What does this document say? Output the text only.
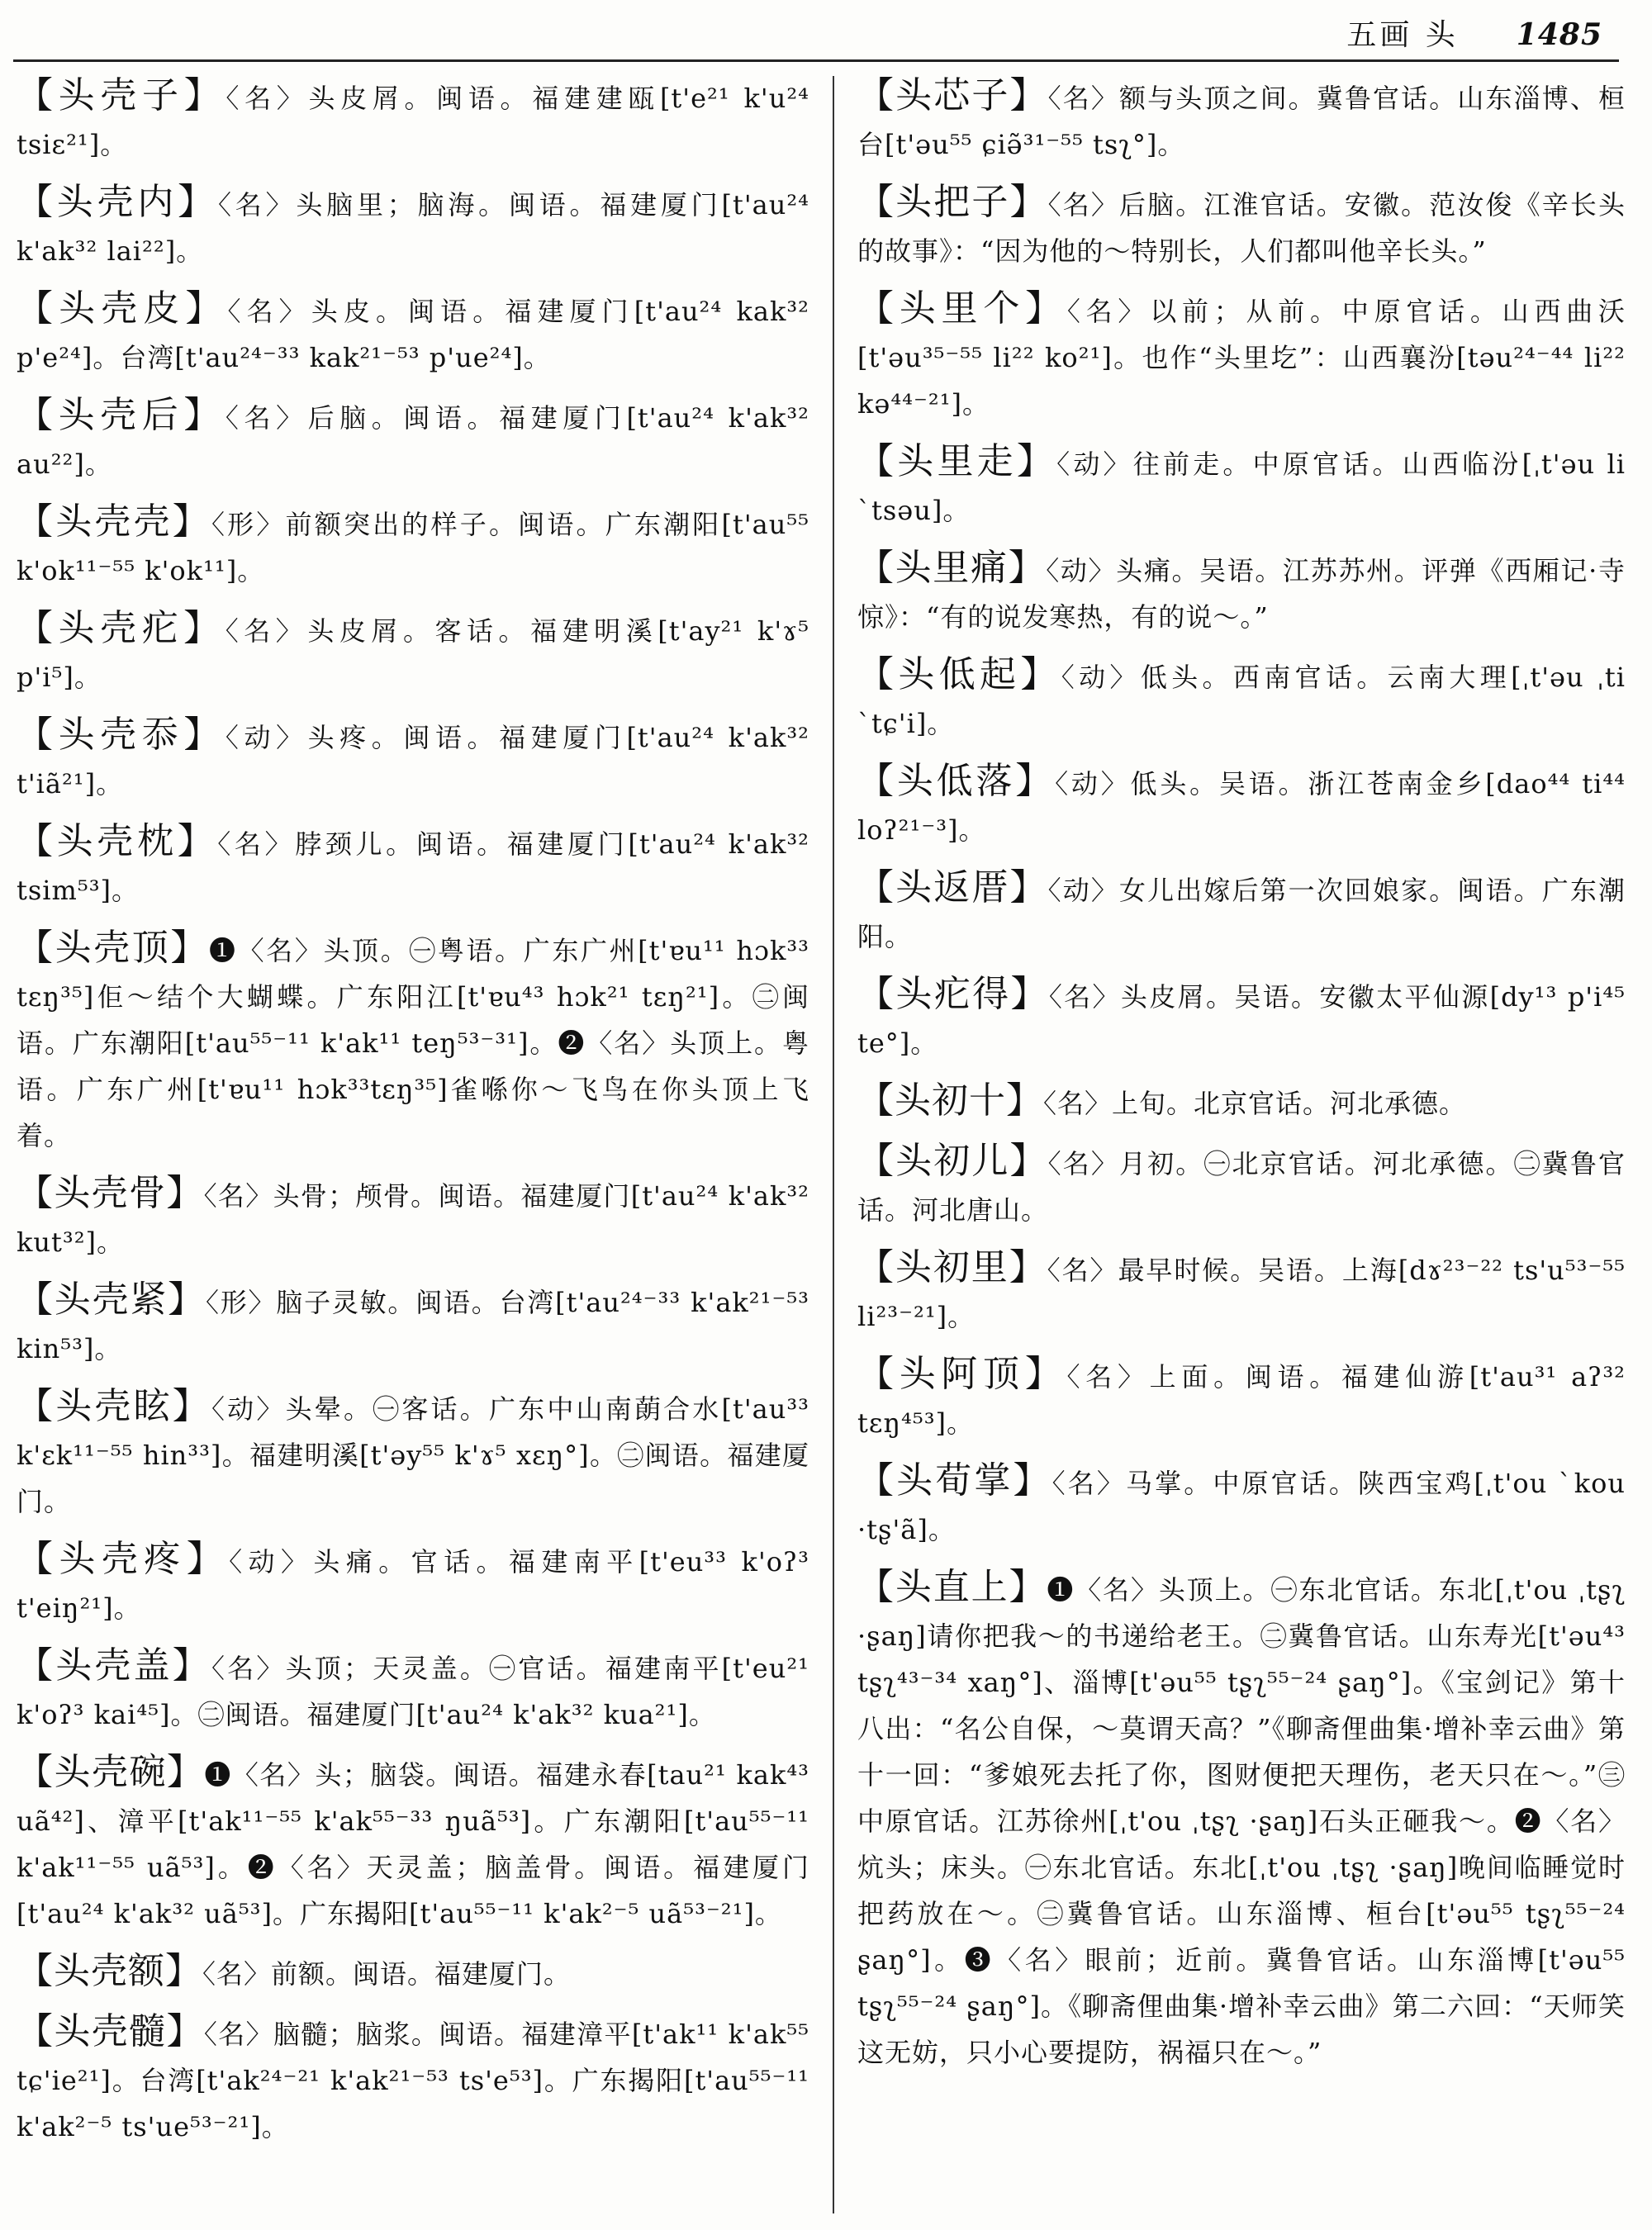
五画 头 1485
【头壳子】〈名〉头皮屑。闽语。福建建瓯[t'e²¹ k'u²⁴ tsiε²¹]。
【头壳内】〈名〉头脑里；脑海。闽语。福建厦门[t'au²⁴ k'ak³² lai²²]。
【头壳皮】〈名〉头皮。闽语。福建厦门[t'au²⁴ kak³² p'e²⁴]。台湾[t'au²⁴⁻³³ kak²¹⁻⁵³ p'ue²⁴]。
【头壳后】〈名〉后脑。闽语。福建厦门[t'au²⁴ k'ak³² au²²]。
【头壳壳】〈形〉前额突出的样子。闽语。广东潮阳[t'au⁵⁵ k'ok¹¹⁻⁵⁵ k'ok¹¹]。
【头壳疕】〈名〉头皮屑。客话。福建明溪[t'ay²¹ k'ɤ⁵ p'i⁵]。
【头壳忝】〈动〉头疼。闽语。福建厦门[t'au²⁴ k'ak³² t'iã²¹]。
【头壳枕】〈名〉脖颈儿。闽语。福建厦门[t'au²⁴ k'ak³² tsim⁵³]。
【头壳顶】❶〈名〉头顶。㊀粤语。广东广州[t'ɐu¹¹ hɔk³³ tɛŋ³⁵]佢～结个大蝴蝶。广东阳江[t'ɐu⁴³ hɔk²¹ tɛŋ²¹]。㊁闽语。广东潮阳[t'au⁵⁵⁻¹¹ k'ak¹¹ teŋ⁵³⁻³¹]。❷〈名〉头顶上。粤语。广东广州[t'ɐu¹¹ hɔk³³tɛŋ³⁵]雀喺你～飞鸟在你头顶上飞着。
【头壳骨】〈名〉头骨；颅骨。闽语。福建厦门[t'au²⁴ k'ak³² kut³²]。
【头壳紧】〈形〉脑子灵敏。闽语。台湾[t'au²⁴⁻³³ k'ak²¹⁻⁵³ kin⁵³]。
【头壳眩】〈动〉头晕。㊀客话。广东中山南蓢合水[t'au³³ k'ɛk¹¹⁻⁵⁵ hin³³]。福建明溪[t'əy⁵⁵ k'ɤ⁵ xɛŋ°]。㊁闽语。福建厦门。
【头壳疼】〈动〉头痛。官话。福建南平[t'eu³³ k'oʔ³ t'eiŋ²¹]。
【头壳盖】〈名〉头顶；天灵盖。㊀官话。福建南平[t'eu²¹ k'oʔ³ kai⁴⁵]。㊁闽语。福建厦门[t'au²⁴ k'ak³² kua²¹]。
【头壳碗】❶〈名〉头；脑袋。闽语。福建永春[tau²¹ kak⁴³ uã⁴²]、漳平[t'ak¹¹⁻⁵⁵ k'ak⁵⁵⁻³³ ŋuã⁵³]。广东潮阳[t'au⁵⁵⁻¹¹ k'ak¹¹⁻⁵⁵ uã⁵³]。❷〈名〉天灵盖；脑盖骨。闽语。福建厦门[t'au²⁴ k'ak³² uã⁵³]。广东揭阳[t'au⁵⁵⁻¹¹ k'ak²⁻⁵ uã⁵³⁻²¹]。
【头壳额】〈名〉前额。闽语。福建厦门。
【头壳髓】〈名〉脑髓；脑浆。闽语。福建漳平[t'ak¹¹ k'ak⁵⁵ tɕ'ie²¹]。台湾[t'ak²⁴⁻²¹ k'ak²¹⁻⁵³ ts'e⁵³]。广东揭阳[t'au⁵⁵⁻¹¹ k'ak²⁻⁵ ts'ue⁵³⁻²¹]。
【头芯子】〈名〉额与头顶之间。冀鲁官话。山东淄博、桓台[t'əu⁵⁵ ɕiə̃³¹⁻⁵⁵ tsʅ°]。
【头把子】〈名〉后脑。江淮官话。安徽。范汝俊《辛长头的故事》：“因为他的～特别长，人们都叫他辛长头。”
【头里个】〈名〉以前；从前。中原官话。山西曲沃[t'əu³⁵⁻⁵⁵ li²² ko²¹]。也作“头里圪”：山西襄汾[təu²⁴⁻⁴⁴ li²² kə⁴⁴⁻²¹]。
【头里走】〈动〉往前走。中原官话。山西临汾[ˌt'əu li ˋtsəu]。
【头里痛】〈动〉头痛。吴语。江苏苏州。评弹《西厢记·寺惊》：“有的说发寒热，有的说～。”
【头低起】〈动〉低头。西南官话。云南大理[ˌt'əu ˌti ˋtɕ'i]。
【头低落】〈动〉低头。吴语。浙江苍南金乡[dao⁴⁴ ti⁴⁴ loʔ²¹⁻³]。
【头返厝】〈动〉女儿出嫁后第一次回娘家。闽语。广东潮阳。
【头疕得】〈名〉头皮屑。吴语。安徽太平仙源[dy¹³ p'i⁴⁵ te°]。
【头初十】〈名〉上旬。北京官话。河北承德。
【头初儿】〈名〉月初。㊀北京官话。河北承德。㊁冀鲁官话。河北唐山。
【头初里】〈名〉最早时候。吴语。上海[dɤ²³⁻²² ts'u⁵³⁻⁵⁵ li²³⁻²¹]。
【头阿顶】〈名〉上面。闽语。福建仙游[t'au³¹ aʔ³² tɛŋ⁴⁵³]。
【头荀掌】〈名〉马掌。中原官话。陕西宝鸡[ˌt'ou ˋkou ·tʂ'ã]。
【头直上】❶〈名〉头顶上。㊀东北官话。东北[ˌt'ou ˌtʂʅ ·ʂaŋ]请你把我～的书递给老王。㊁冀鲁官话。山东寿光[t'əu⁴³ tʂʅ⁴³⁻³⁴ xaŋ°]、淄博[t'əu⁵⁵ tʂʅ⁵⁵⁻²⁴ ʂaŋ°]。《宝剑记》第十八出：“名公自保，～莫谓天高？”《聊斋俚曲集·增补幸云曲》第十一回：“爹娘死去托了你，图财便把天理伤，老天只在～。”㊂中原官话。江苏徐州[ˌt'ou ˌtʂʅ ·ʂaŋ]石头正砸我～。❷〈名〉炕头；床头。㊀东北官话。东北[ˌt'ou ˌtʂʅ ·ʂaŋ]晚间临睡觉时把药放在～。㊁冀鲁官话。山东淄博、桓台[t'əu⁵⁵ tʂʅ⁵⁵⁻²⁴ ʂaŋ°]。❸〈名〉眼前；近前。冀鲁官话。山东淄博[t'əu⁵⁵ tʂʅ⁵⁵⁻²⁴ ʂaŋ°]。《聊斋俚曲集·增补幸云曲》第二六回：“天师笑这无妨，只小心要提防，祸福只在～。”
